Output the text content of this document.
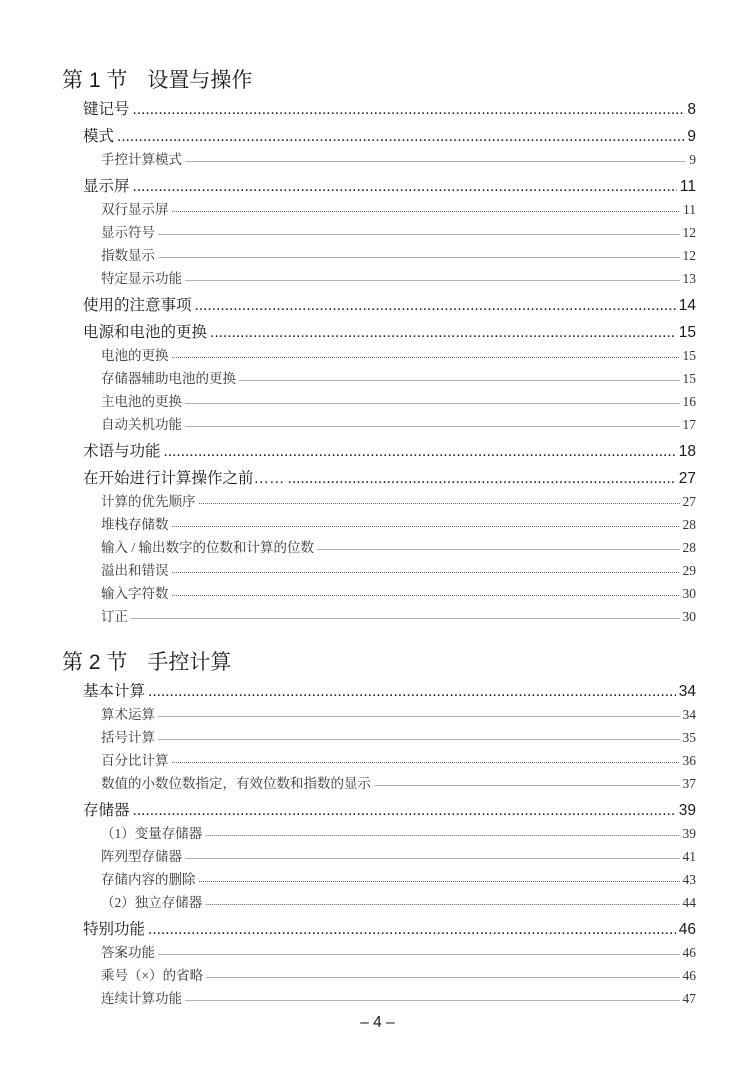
第 1 节 设置与操作
键记号 .....	8
模式 .....	9
手控计算模式 .....	9
显示屏 .....	11
双行显示屏 .....	11
显示符号 .....	12
指数显示 .....	12
特定显示功能 .....	13
使用的注意事项 .....	14
电源和电池的更换 .....	15
电池的更换 .....	15
存储器辅助电池的更换 .....	15
主电池的更换 .....	16
自动关机功能 .....	17
术语与功能 .....	18
在开始进行计算操作之前…… .....	27
计算的优先顺序 .....	27
堆栈存储数 .....	28
输入 / 输出数字的位数和计算的位数 .....	28
溢出和错误 .....	29
输入字符数 .....	30
订正 .....	30
第 2 节 手控计算
基本计算 .....	34
算术运算 .....	34
括号计算 .....	35
百分比计算 .....	36
数值的小数位数指定，有效位数和指数的显示 .....	37
存储器 .....	39
（1）变量存储器 .....	39
阵列型存储器 .....	41
存储内容的删除 .....	43
（2）独立存储器 .....	44
特别功能 .....	46
答案功能 .....	46
乘号（×）的省略 .....	46
连续计算功能 .....	47
– 4 –
